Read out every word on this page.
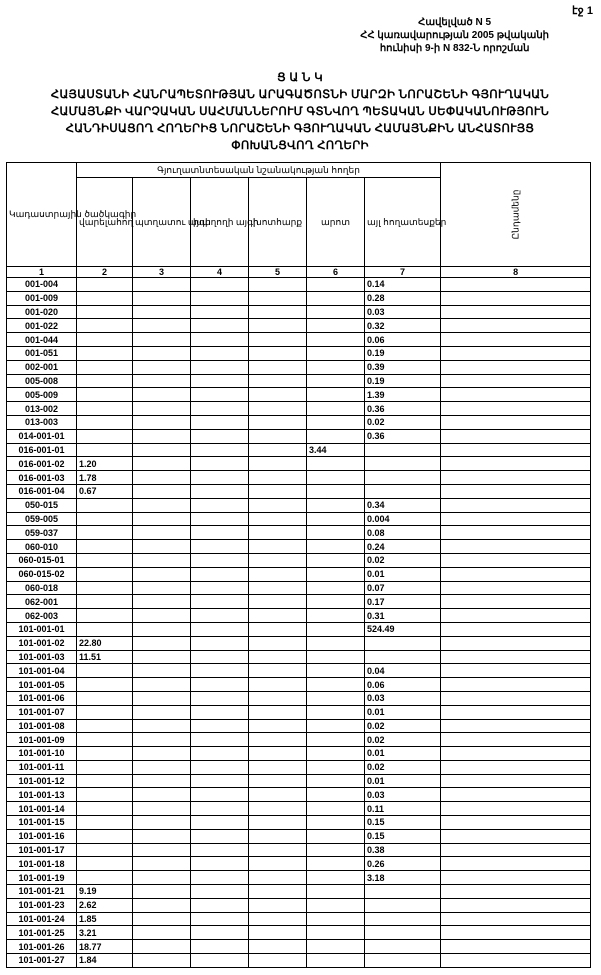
էջ 1
Հավելված N 5
ՀՀ կառավարության 2005 թվականի
հունիսի 9-ի N 832-Ն որոշման
Ց Ա Ն Կ
ՀԱՅԱՍՏԱՆԻ ՀԱՆՐԱՊԵՏՈՒԹՅԱՆ ԱՐԱԳԱԾՈՏՆԻ ՄԱՐԶԻ ՆՈՐԱՇԵՆԻ ԳՅՈՒՂԱԿԱՆ
ՀԱՄԱՅՆՔԻ ՎԱՐՉԱԿԱՆ ՍԱՀՄԱՆՆԵՐՈՒՄ ԳՏՆՎՈՂ ՊԵՏԱԿԱՆ ՍԵՓԱԿԱՆՈՒԹՅՈՒՆ
ՀԱՆԴԻՍԱՑՈՂ ՀՈՂԵՐԻՑ ՆՈՐԱՇԵՆԻ ԳՅՈՒՂԱԿԱՆ ՀԱՄԱՅՆՔԻՆ ԱՆՀԱՏՈՒՅՑ
ՓՈԽԱՆՑՎՈՂ ՀՈՂԵՐԻ
Կադաստրային ծածկագիր	Գյուղատնտեսական նշանակության հողեր						Ընդամենը
	վարելահող	պտղատու այգի	խաղողի այգի	խոտհարք	արոտ	այլ հողատեսքեր	
1	2	3	4	5	6	7	8
001-004						0.14	
001-009						0.28	
001-020						0.03	
001-022						0.32	
001-044						0.06	
001-051						0.19	
002-001						0.39	
005-008						0.19	
005-009						1.39	
013-002						0.36	
013-003						0.02	
014-001-01						0.36	
016-001-01					3.44		
016-001-02	1.20						
016-001-03	1.78						
016-001-04	0.67						
050-015						0.34	
059-005						0.004	
059-037						0.08	
060-010						0.24	
060-015-01						0.02	
060-015-02						0.01	
060-018						0.07	
062-001						0.17	
062-003						0.31	
101-001-01						524.49	
101-001-02	22.80						
101-001-03	11.51						
101-001-04						0.04	
101-001-05						0.06	
101-001-06						0.03	
101-001-07						0.01	
101-001-08						0.02	
101-001-09						0.02	
101-001-10						0.01	
101-001-11						0.02	
101-001-12						0.01	
101-001-13						0.03	
101-001-14						0.11	
101-001-15						0.15	
101-001-16						0.15	
101-001-17						0.38	
101-001-18						0.26	
101-001-19						3.18	
101-001-21	9.19						
101-001-23	2.62						
101-001-24	1.85						
101-001-25	3.21						
101-001-26	18.77						
101-001-27	1.84						
